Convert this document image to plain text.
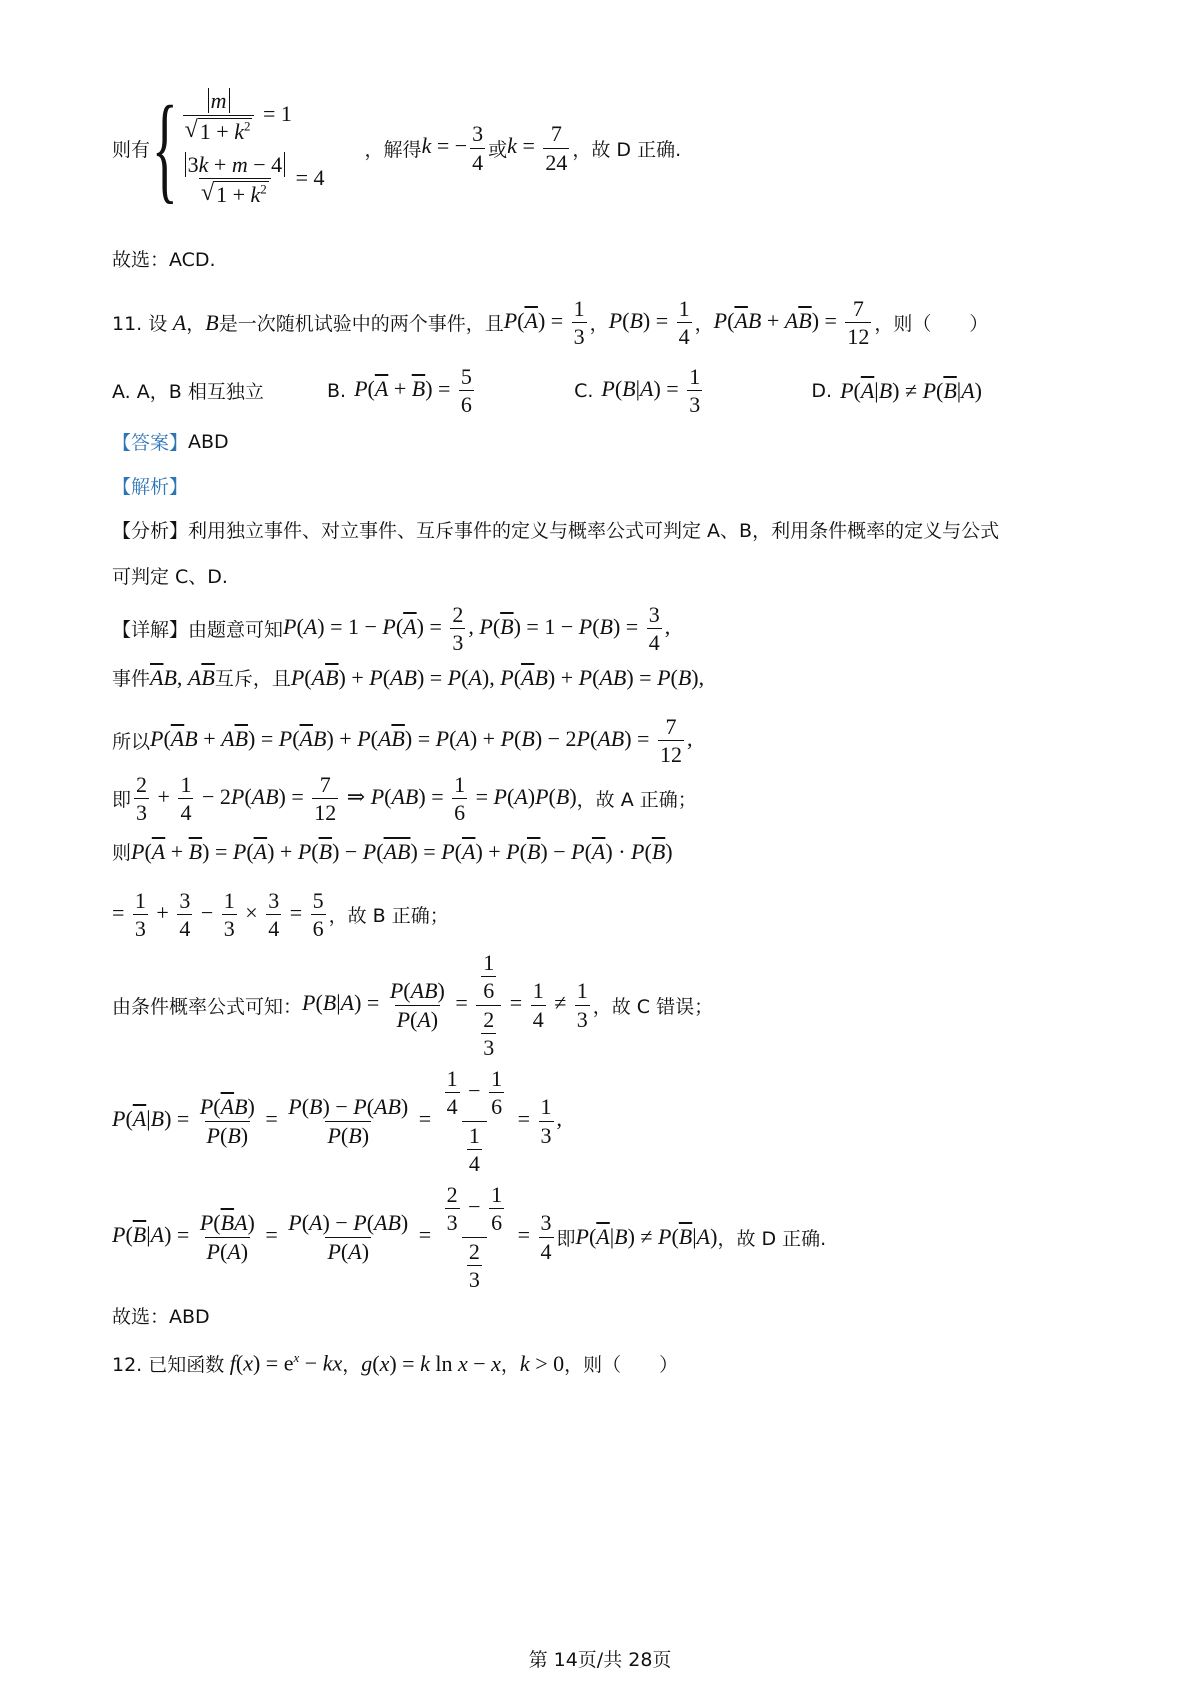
则有 { $\frac{m}{√ 1 + k^2} = 1$
$\frac{3k + m - 4}{√ 1 + k^2} = 4$
，解得 k = − $\frac{3}{4}$ 或 $k = \frac{7}{24}$ ，故 D 正确.
故选：ACD.
11. 设 A ， B 是一次随机试验中的两个事件，且 $P(\overline{A}) = \frac{1}{3}$ ， $P(B) = \frac{1}{4}$ ， $P(\overline{A}B + A\overline{B}) = \frac{7}{12}$ ，则（　　）
A. A，B 相互独立	B. $P(\overline{A} + \overline{B}) = \frac{5}{6}$	C. $P(B|A) = \frac{1}{3}$	D. $P(\overline{A}|B) \ne P(\overline{B}|A)$
【答案】 ABD
【解析】
【分析】利用独立事件、对立事件、互斥事件的定义与概率公式可判定 A、B，利用条件概率的定义与公式
可判定 C、D.
【详解】由题意可知 $P(A) = 1 - P(\overline{A}) = \frac{2}{3}$ , $P(\overline{B}) = 1 - P(B) = \frac{3}{4}$ ,
事件 $\overline{A}B$, $A\overline{B}$ 互斥，且 $P(A\overline{B}) + P(AB) = P(A)$, $P(\overline{A}B) + P(AB) = P(B)$,
所以 $P(\overline{A}B + A\overline{B}) = P(\overline{A}B) + P(A\overline{B}) = P(A) + P(B) - 2P(AB) = \frac{7}{12}$ ,
即 $\frac{2}{3} + \frac{1}{4} - 2P(AB) = \frac{7}{12}$ ⇒ $P(AB) = \frac{1}{6} = P(A)P(B)$ ，故 A 正确；
则 $P(\overline{A} + \overline{B}) = P(\overline{A}) + P(\overline{B}) - P(\overline{AB}) = P(\overline{A}) + P(\overline{B}) - P(\overline{A}) \cdot P(\overline{B})$
= $\frac{1}{3} + \frac{3}{4} - \frac{1}{3} \times \frac{3}{4} = \frac{5}{6}$ ，故 B 正确；
由条件概率公式可知： $P(B|A) = \frac{P(AB)}{P(A)} = \frac{\frac{1}{6}}{\frac{2}{3}} = \frac{1}{4} \ne \frac{1}{3}$ ，故 C 错误；
$P(\overline{A}|B) = \frac{P(\overline{A}B)}{P(B)} = \frac{P(B) - P(AB)}{P(B)} = \frac{\frac{1}{4} - \frac{1}{6}}{\frac{1}{4}} = \frac{1}{3}$ ,
$P(\overline{B}|A) = \frac{P(\overline{B}A)}{P(A)} = \frac{P(A) - P(AB)}{P(A)} = \frac{\frac{2}{3} - \frac{1}{6}}{\frac{2}{3}} = \frac{3}{4}$ 即 $P(\overline{A}|B) \ne P(\overline{B}|A)$ ，故 D 正确.
故选：ABD
12. 已知函数 $f(x) = e^x$ − kx ， g(x) = k ln x − x ， k > 0 ，则（　　）
第 14页/共 28页
